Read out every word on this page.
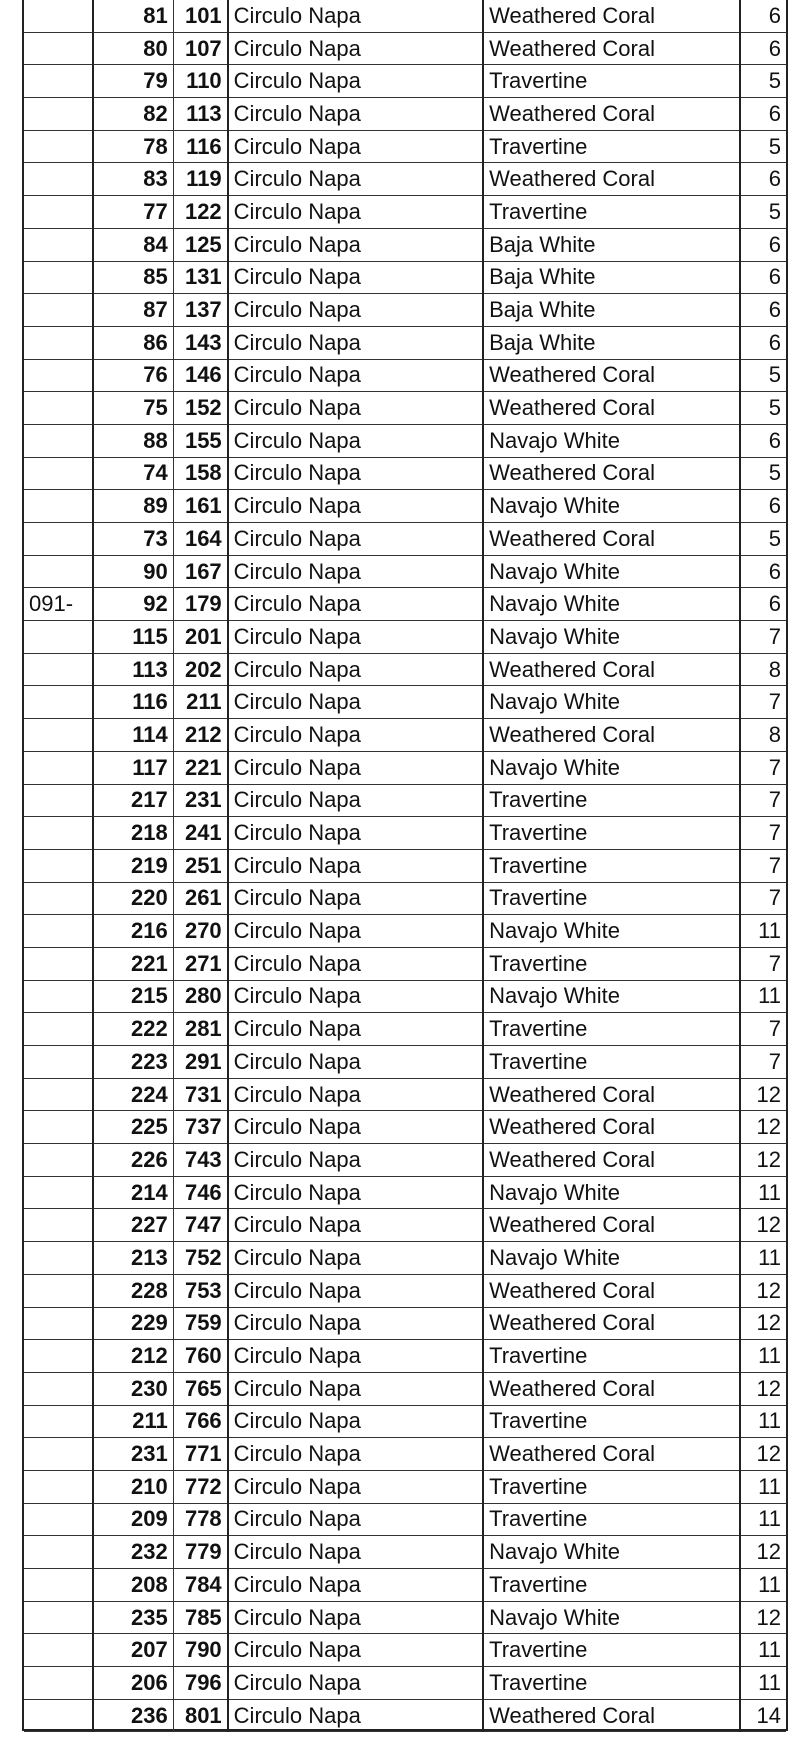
	81	101	Circulo Napa	Weathered Coral	6
	80	107	Circulo Napa	Weathered Coral	6
	79	110	Circulo Napa	Travertine	5
	82	113	Circulo Napa	Weathered Coral	6
	78	116	Circulo Napa	Travertine	5
	83	119	Circulo Napa	Weathered Coral	6
	77	122	Circulo Napa	Travertine	5
	84	125	Circulo Napa	Baja White	6
	85	131	Circulo Napa	Baja White	6
	87	137	Circulo Napa	Baja White	6
	86	143	Circulo Napa	Baja White	6
	76	146	Circulo Napa	Weathered Coral	5
	75	152	Circulo Napa	Weathered Coral	5
	88	155	Circulo Napa	Navajo White	6
	74	158	Circulo Napa	Weathered Coral	5
	89	161	Circulo Napa	Navajo White	6
	73	164	Circulo Napa	Weathered Coral	5
	90	167	Circulo Napa	Navajo White	6
091-	92	179	Circulo Napa	Navajo White	6
	115	201	Circulo Napa	Navajo White	7
	113	202	Circulo Napa	Weathered Coral	8
	116	211	Circulo Napa	Navajo White	7
	114	212	Circulo Napa	Weathered Coral	8
	117	221	Circulo Napa	Navajo White	7
	217	231	Circulo Napa	Travertine	7
	218	241	Circulo Napa	Travertine	7
	219	251	Circulo Napa	Travertine	7
	220	261	Circulo Napa	Travertine	7
	216	270	Circulo Napa	Navajo White	11
	221	271	Circulo Napa	Travertine	7
	215	280	Circulo Napa	Navajo White	11
	222	281	Circulo Napa	Travertine	7
	223	291	Circulo Napa	Travertine	7
	224	731	Circulo Napa	Weathered Coral	12
	225	737	Circulo Napa	Weathered Coral	12
	226	743	Circulo Napa	Weathered Coral	12
	214	746	Circulo Napa	Navajo White	11
	227	747	Circulo Napa	Weathered Coral	12
	213	752	Circulo Napa	Navajo White	11
	228	753	Circulo Napa	Weathered Coral	12
	229	759	Circulo Napa	Weathered Coral	12
	212	760	Circulo Napa	Travertine	11
	230	765	Circulo Napa	Weathered Coral	12
	211	766	Circulo Napa	Travertine	11
	231	771	Circulo Napa	Weathered Coral	12
	210	772	Circulo Napa	Travertine	11
	209	778	Circulo Napa	Travertine	11
	232	779	Circulo Napa	Navajo White	12
	208	784	Circulo Napa	Travertine	11
	235	785	Circulo Napa	Navajo White	12
	207	790	Circulo Napa	Travertine	11
	206	796	Circulo Napa	Travertine	11
	236	801	Circulo Napa	Weathered Coral	14
